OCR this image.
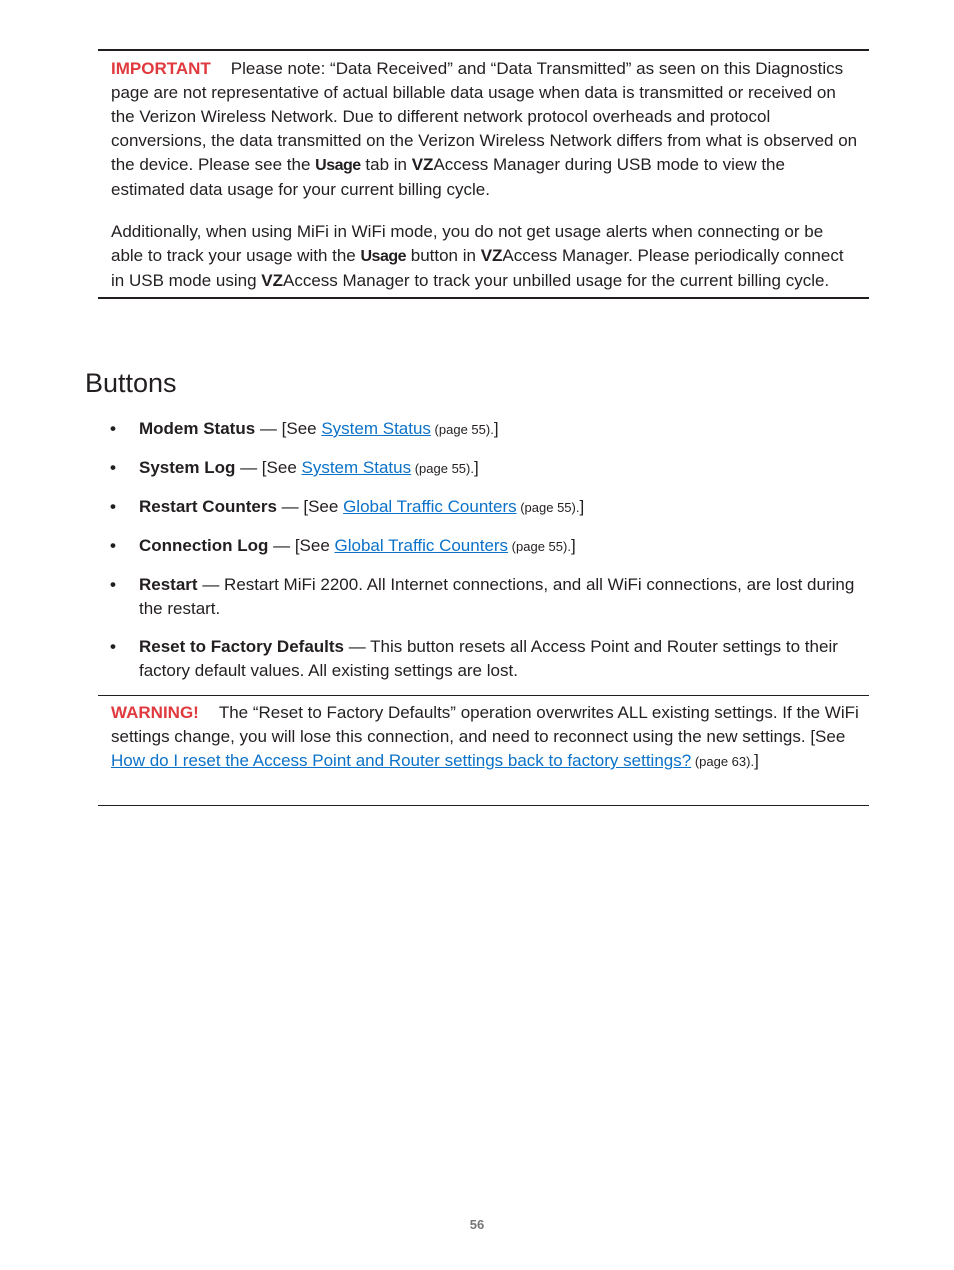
IMPORTANT Please note: “Data Received” and “Data Transmitted” as seen on this Diagnostics page are not representative of actual billable data usage when data is transmitted or received on the Verizon Wireless Network. Due to different network protocol overheads and protocol conversions, the data transmitted on the Verizon Wireless Network differs from what is observed on the device. Please see the Usage tab in VZAccess Manager during USB mode to view the estimated data usage for your current billing cycle.

Additionally, when using MiFi in WiFi mode, you do not get usage alerts when connecting or be able to track your usage with the Usage button in VZAccess Manager. Please periodically connect in USB mode using VZAccess Manager to track your unbilled usage for the current billing cycle.

Buttons
• Modem Status — [See System Status (page 55).]
• System Log — [See System Status (page 55).]
• Restart Counters — [See Global Traffic Counters (page 55).]
• Connection Log — [See Global Traffic Counters (page 55).]
• Restart — Restart MiFi 2200. All Internet connections, and all WiFi connections, are lost during the restart.
• Reset to Factory Defaults — This button resets all Access Point and Router settings to their factory default values. All existing settings are lost.

WARNING! The “Reset to Factory Defaults” operation overwrites ALL existing settings. If the WiFi settings change, you will lose this connection, and need to reconnect using the new settings. [See How do I reset the Access Point and Router settings back to factory settings? (page 63).]

56
